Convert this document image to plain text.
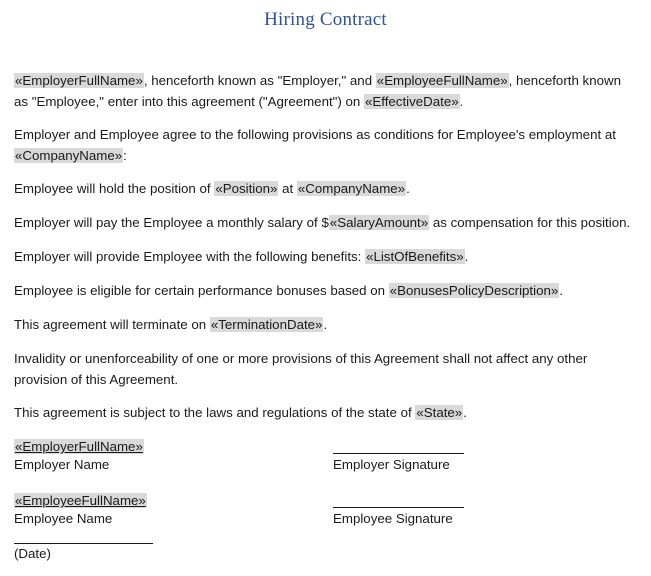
Hiring Contract
«EmployerFullName», henceforth known as "Employer," and «EmployeeFullName», henceforth known
as "Employee," enter into this agreement ("Agreement") on «EffectiveDate».
Employer and Employee agree to the following provisions as conditions for Employee's employment at
«CompanyName»:
Employee will hold the position of «Position» at «CompanyName».
Employer will pay the Employee a monthly salary of $«SalaryAmount» as compensation for this position.
Employer will provide Employee with the following benefits: «ListOfBenefits».
Employee is eligible for certain performance bonuses based on «BonusesPolicyDescription».
This agreement will terminate on «TerminationDate».
Invalidity or unenforceability of one or more provisions of this Agreement shall not affect any other
provision of this Agreement.
This agreement is subject to the laws and regulations of the state of «State».
«EmployerFullName»
Employer Name	Employer Signature
«EmployeeFullName»
Employee Name	Employee Signature
(Date)
